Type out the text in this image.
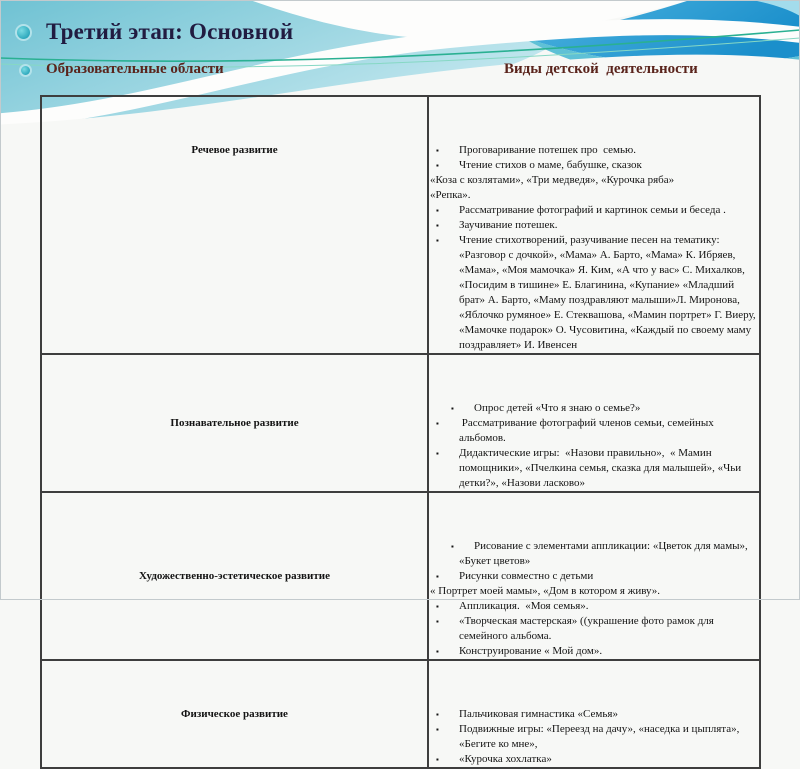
Третий этап: Основной
Образовательные области	Виды детской  деятельности
Речевое развитие

▪Проговаривание потешек про  семью.
▪ Чтение стихов о маме, бабушке, сказок
«Коза с козлятами», «Три медведя», «Курочка ряба»
«Репка».
▪ Рассматривание фотографий и картинок семьи и беседа .
▪ Заучивание потешек.
▪ Чтение стихотворений, разучивание песен на тематику: «Разговор с дочкой», «Мама» А. Барто, «Мама» К. Ибряев, «Мама», «Моя мамочка» Я. Ким, «А что у вас» С. Михалков, «Посидим в тишине» Е. Благинина, «Купание» «Младший брат» А. Барто, «Маму поздравляют малыши»Л. Миронова, «Яблочко румяное» Е. Стеквашова, «Мамин портрет» Г. Виеру, «Мамочке подарок» О. Чусовитина, «Каждый по своему маму поздравляет» И. Ивенсен

Познавательное развитие

▪ Опрос детей «Что я знаю о семье?»
▪  Рассматривание фотографий членов семьи, семейных альбомов.
▪ Дидактические игры:  «Назови правильно»,  « Мамин помощники», «Пчелкина семья, сказка для малышей», «Чьи детки?», «Назови ласково»

Художественно-эстетическое развитие

▪ Рисование с элементами аппликации: «Цветок для мамы»,  «Букет цветов»
▪ Рисунки совместно с детьми
« Портрет моей мамы», «Дом в котором я живу».
▪ Аппликация.  «Моя семья».
▪ «Творческая мастерская» ((украшение фото рамок для семейного альбома.
▪ Конструирование « Мой дом».

Физическое развитие

▪Пальчиковая гимнастика «Семья»
▪ Подвижные игры: «Переезд на дачу», «наседка и цыплята», «Бегите ко мне»,
▪ «Курочка хохлатка»
